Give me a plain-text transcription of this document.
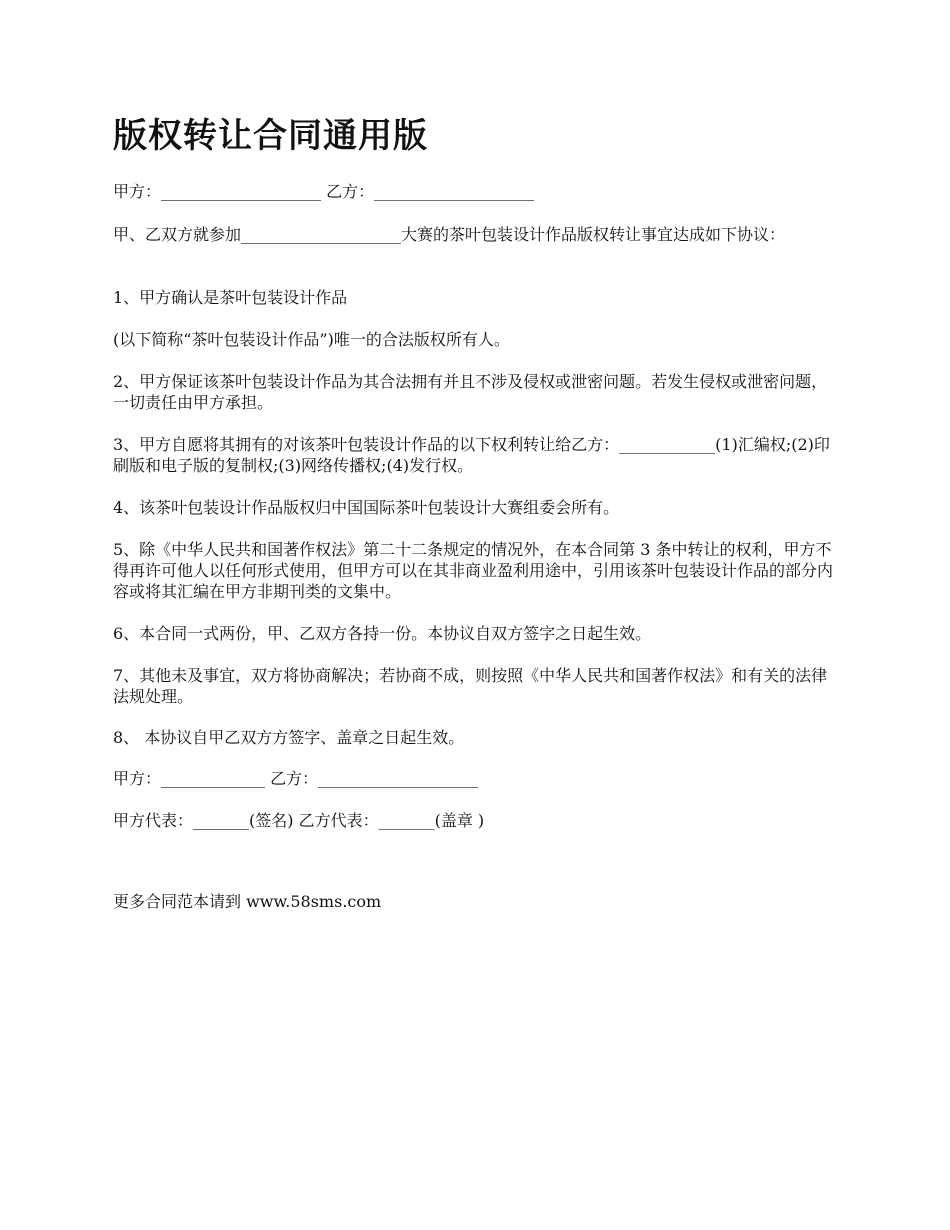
版权转让合同通用版

甲方：____________________ 乙方：____________________

甲、乙双方就参加____________________大赛的茶叶包装设计作品版权转让事宜达成如下协议：

1、甲方确认是茶叶包装设计作品

(以下简称“茶叶包装设计作品”)唯一的合法版权所有人。

2、甲方保证该茶叶包装设计作品为其合法拥有并且不涉及侵权或泄密问题。若发生侵权或泄密问题，一切责任由甲方承担。

3、甲方自愿将其拥有的对该茶叶包装设计作品的以下权利转让给乙方：____________(1)汇编权;(2)印刷版和电子版的复制权;(3)网络传播权;(4)发行权。

4、该茶叶包装设计作品版权归中国国际茶叶包装设计大赛组委会所有。

5、除《中华人民共和国著作权法》第二十二条规定的情况外，在本合同第 3 条中转让的权利，甲方不得再许可他人以任何形式使用，但甲方可以在其非商业盈利用途中，引用该茶叶包装设计作品的部分内容或将其汇编在甲方非期刊类的文集中。

6、本合同一式两份，甲、乙双方各持一份。本协议自双方签字之日起生效。

7、其他未及事宜，双方将协商解决；若协商不成，则按照《中华人民共和国著作权法》和有关的法律法规处理。

8、 本协议自甲乙双方方签字、盖章之日起生效。

甲方：_____________ 乙方：____________________

甲方代表：_______(签名) 乙方代表：_______(盖章 )

更多合同范本请到 www.58sms.com
